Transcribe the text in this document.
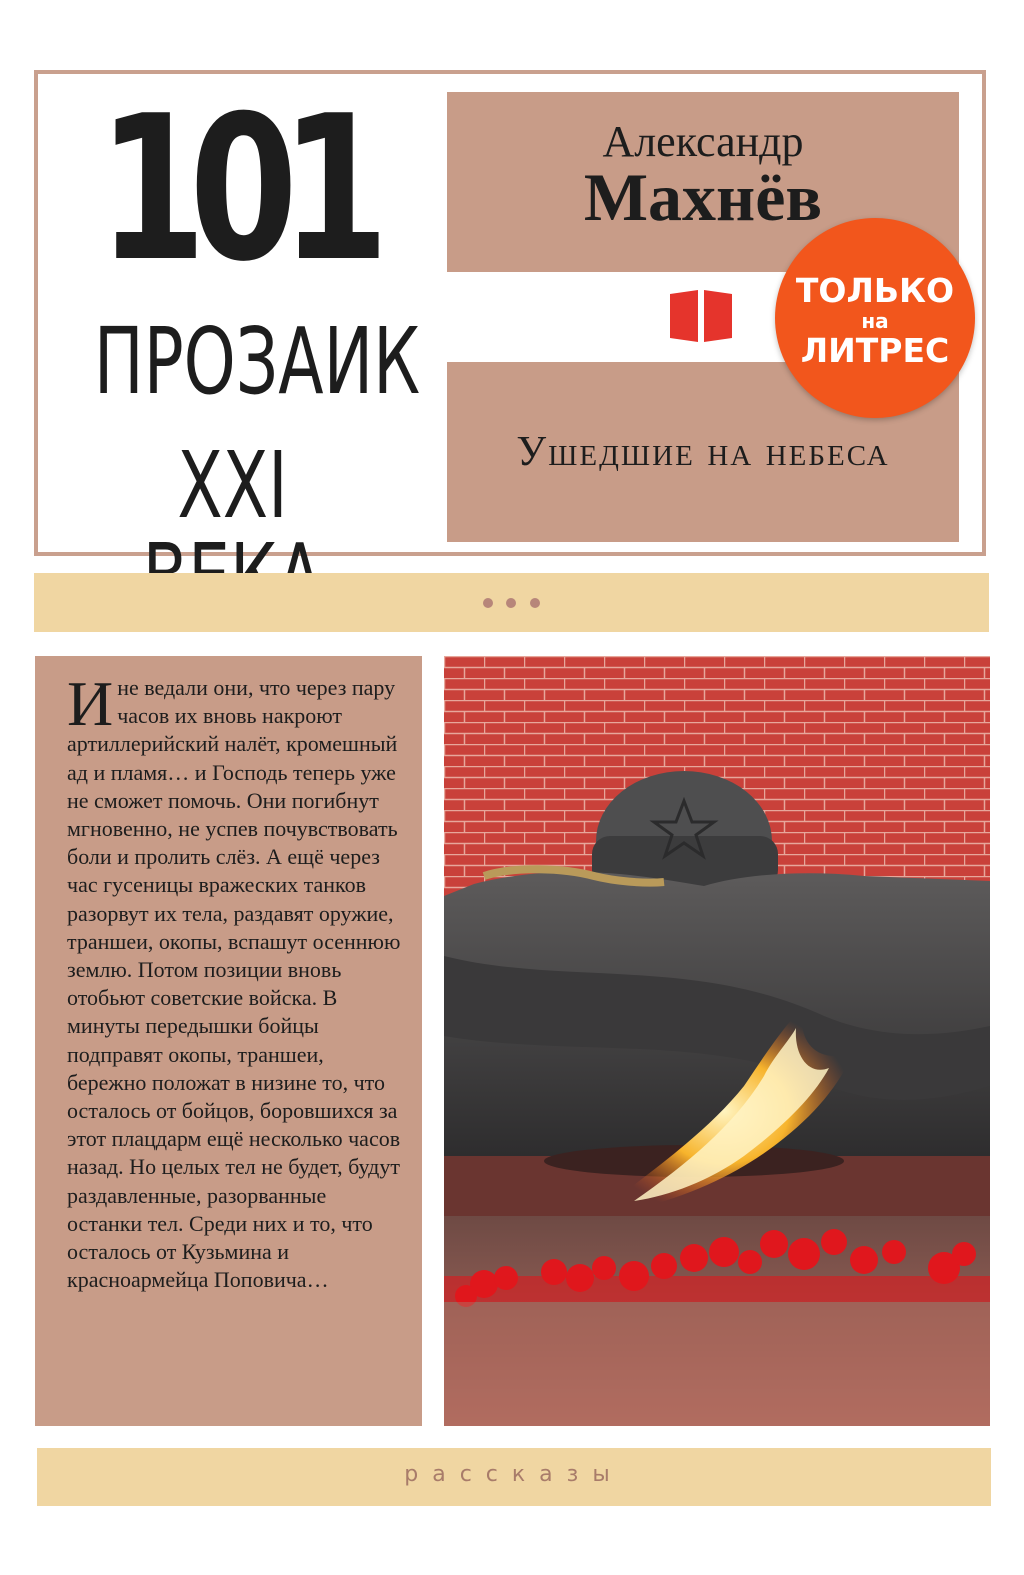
101
ПРОЗАИК
XXI
Александр
Махнёв
Ушедшие на небеса
ТОЛЬКО
на
ЛИТРЕС

И не ведали они, что через пару часов их вновь накроют артиллерийский налёт, кромешный ад и пламя… и Господь теперь уже не сможет помочь. Они погибнут мгновенно, не успев почувствовать боли и пролить слёз. А ещё через час гусеницы вражеских танков разорвут их тела, раздавят оружие, траншеи, окопы, вспашут осеннюю землю. Потом позиции вновь отобьют советские войска. В минуты передышки бойцы подправят окопы, траншеи, бережно положат в низине то, что осталось от бойцов, боровшихся за этот плацдарм ещё несколько часов назад. Но целых тел не будет, будут раздавленные, разорванные останки тел. Среди них и то, что осталось от Кузьмина и красноармейца Поповича…

рассказы
